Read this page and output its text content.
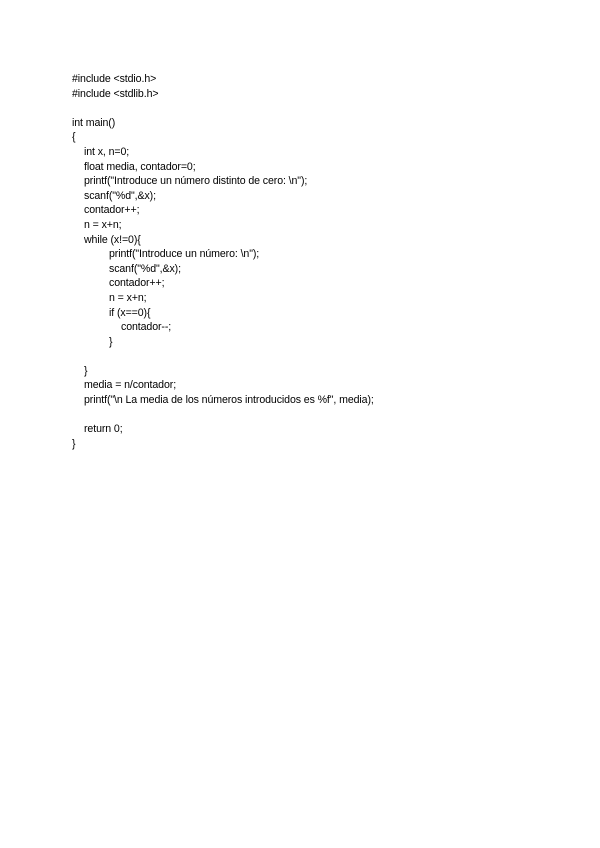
#include <stdio.h>
#include <stdlib.h>
int main()
{
int x, n=0;
float media, contador=0;
printf("Introduce un número distinto de cero: \n");
scanf("%d",&x);
contador++;
n = x+n;
while (x!=0){
printf("Introduce un número: \n");
scanf("%d",&x);
contador++;
n = x+n;
if (x==0){
contador--;
}
}
media = n/contador;
printf("\n La media de los números introducidos es %f", media);
return 0;
}
